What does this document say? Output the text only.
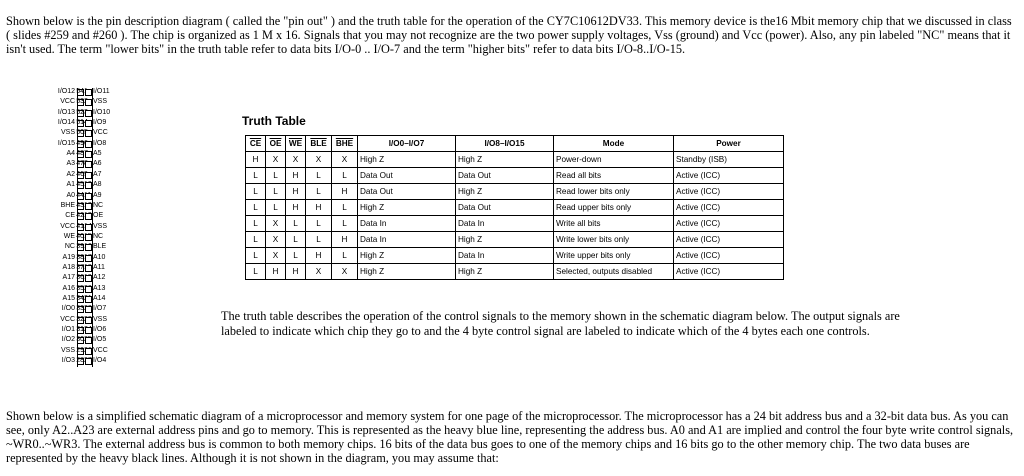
Shown below is the pin description diagram ( called the "pin out" ) and the truth table for the operation of the CY7C10612DV33. This memory device is the16 Mbit memory chip that we discussed in class ( slides #259 and #260 ). The chip is organized as 1 M x 16. Signals that you may not recognize are the two power supply voltages, Vss (ground) and Vcc (power). Also, any pin labeled "NC" means that it isn't used. The term "lower bits" in the truth table refer to data bits I/O-0 .. I/O-7 and the term "higher bits" refer to data bits I/O-8..I/O-15.

I/O12
VCC
I/O13
I/O14
VSS
I/O15
A4
A3
A2
A1
A0
BHE
CE
VCC
WE
NC
A19
A18
A17
A16
A15
I/O0
VCC
I/O1
I/O2
VSS
I/O3
54 I/O11
53 VSS
52 I/O10
51 I/O9
50 VCC
49 I/O8
48 A5
47 A6
46 A7
45 A8
44 A9
43 NC
42 OE
41 VSS
40 NC
39 BLE
38 A10
37 A11
36 A12
35 A13
34 A14
33 I/O7
32 VSS
31 I/O6
30 I/O5
29 VCC
28 I/O4
Truth Table
$\overline{CE}$	$\overline{OE}$	$\overline{WE}$	$\overline{BLE}$	$\overline{BHE}$	I/O0–I/O7	I/O8–I/O15	Mode	Power
H	X	X	X	X	High Z	High Z	Power-down	Standby (ISB)
L	L	H	L	L	Data Out	Data Out	Read all bits	Active (ICC)
L	L	H	L	H	Data Out	High Z	Read lower bits only	Active (ICC)
L	L	H	H	L	High Z	Data Out	Read upper bits only	Active (ICC)
L	X	L	L	L	Data In	Data In	Write all bits	Active (ICC)
L	X	L	L	H	Data In	High Z	Write lower bits only	Active (ICC)
L	X	L	H	L	High Z	Data In	Write upper bits only	Active (ICC)
L	H	H	X	X	High Z	High Z	Selected, outputs disabled	Active (ICC)

The truth table describes the operation of the control signals to the memory shown in the schematic diagram below. The output signals are labeled to indicate which chip they go to and the 4 byte control signal are labeled to indicate which of the 4 bytes each one controls.

Shown below is a simplified schematic diagram of a microprocessor and memory system for one page of the microprocessor. The microprocessor has a 24 bit address bus and a 32-bit data bus. As you can see, only A2..A23 are external address pins and go to memory. This is represented as the heavy blue line, representing the address bus. A0 and A1 are implied and control the four byte write control signals, ~WR0..~WR3. The external address bus is common to both memory chips. 16 bits of the data bus goes to one of the memory chips and 16 bits go to the other memory chip. The two data buses are represented by the heavy black lines. Although it is not shown in the diagram, you may assume that:
